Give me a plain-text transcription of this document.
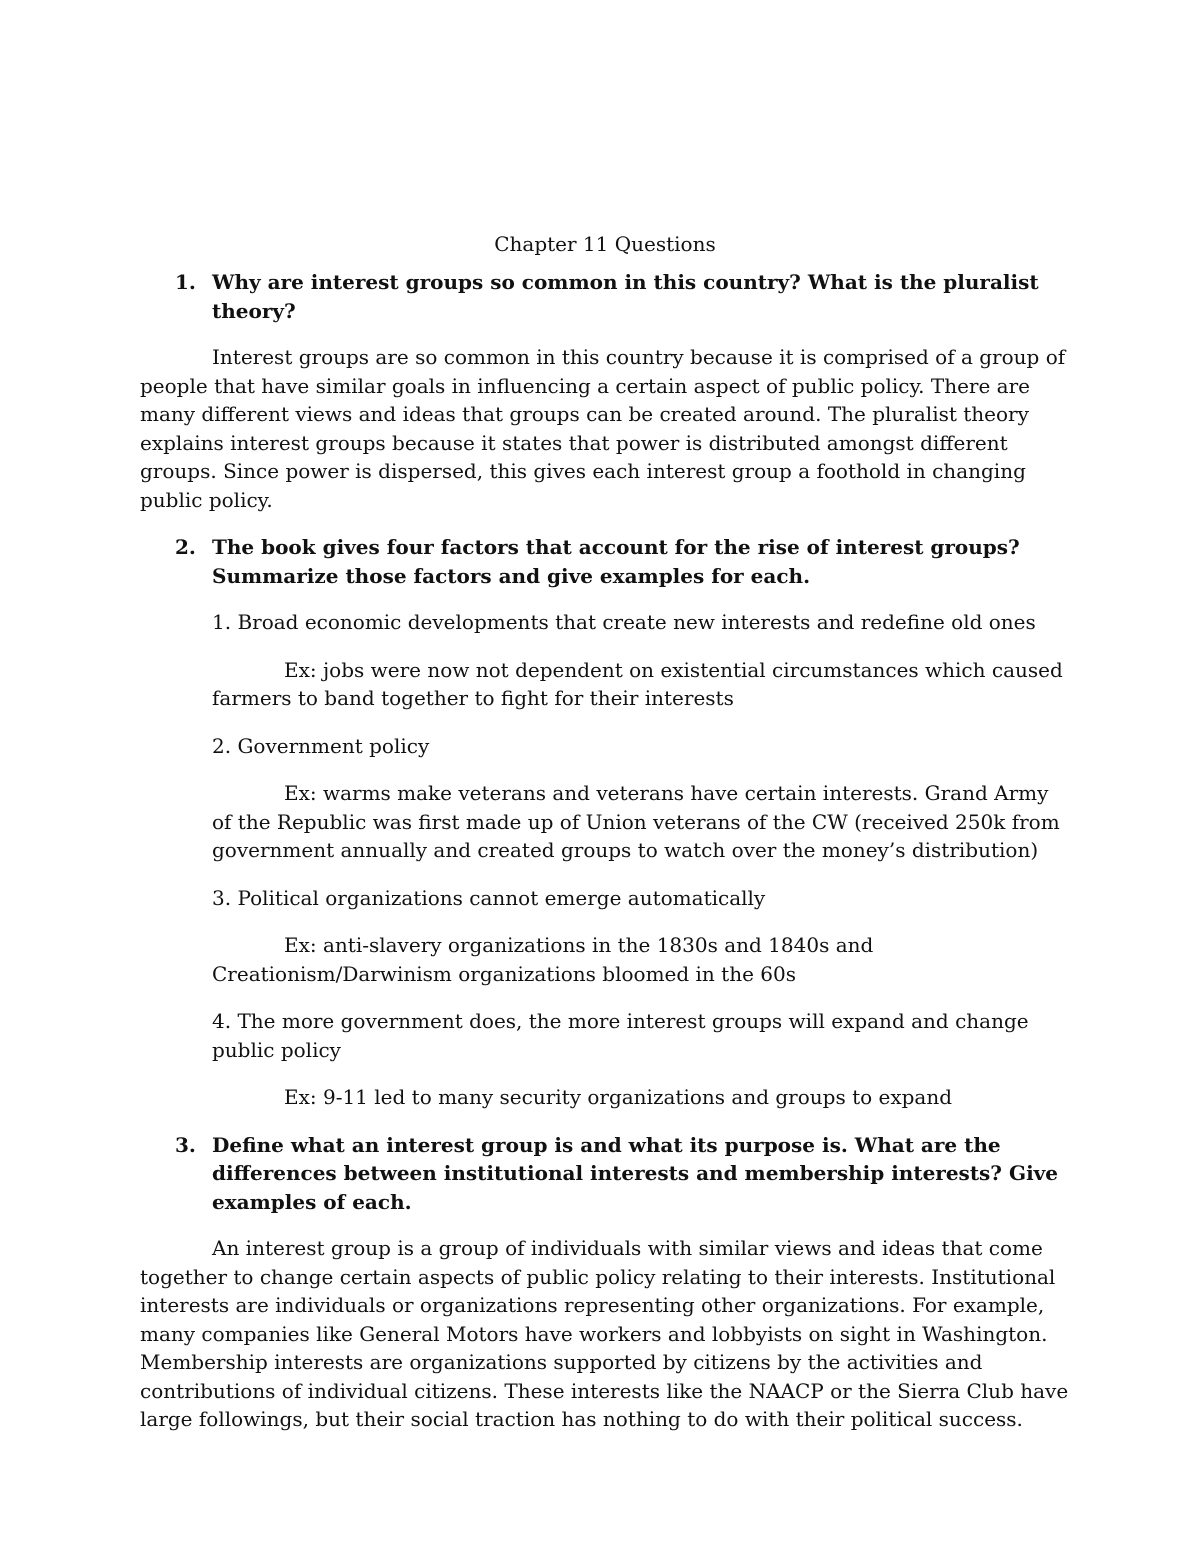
Chapter 11 Questions
1. Why are interest groups so common in this country? What is the pluralist theory?

Interest groups are so common in this country because it is comprised of a group of people that have similar goals in influencing a certain aspect of public policy. There are many different views and ideas that groups can be created around. The pluralist theory explains interest groups because it states that power is distributed amongst different groups. Since power is dispersed, this gives each interest group a foothold in changing public policy.

2. The book gives four factors that account for the rise of interest groups? Summarize those factors and give examples for each.

1. Broad economic developments that create new interests and redefine old ones

Ex: jobs were now not dependent on existential circumstances which caused farmers to band together to fight for their interests

2. Government policy

Ex: warms make veterans and veterans have certain interests. Grand Army of the Republic was first made up of Union veterans of the CW (received 250k from government annually and created groups to watch over the money’s distribution)

3. Political organizations cannot emerge automatically

Ex: anti-slavery organizations in the 1830s and 1840s and Creationism/Darwinism organizations bloomed in the 60s

4. The more government does, the more interest groups will expand and change public policy

Ex: 9-11 led to many security organizations and groups to expand

3. Define what an interest group is and what its purpose is. What are the differences between institutional interests and membership interests? Give examples of each.

An interest group is a group of individuals with similar views and ideas that come together to change certain aspects of public policy relating to their interests. Institutional interests are individuals or organizations representing other organizations. For example, many companies like General Motors have workers and lobbyists on sight in Washington. Membership interests are organizations supported by citizens by the activities and contributions of individual citizens. These interests like the NAACP or the Sierra Club have large followings, but their social traction has nothing to do with their political success.
